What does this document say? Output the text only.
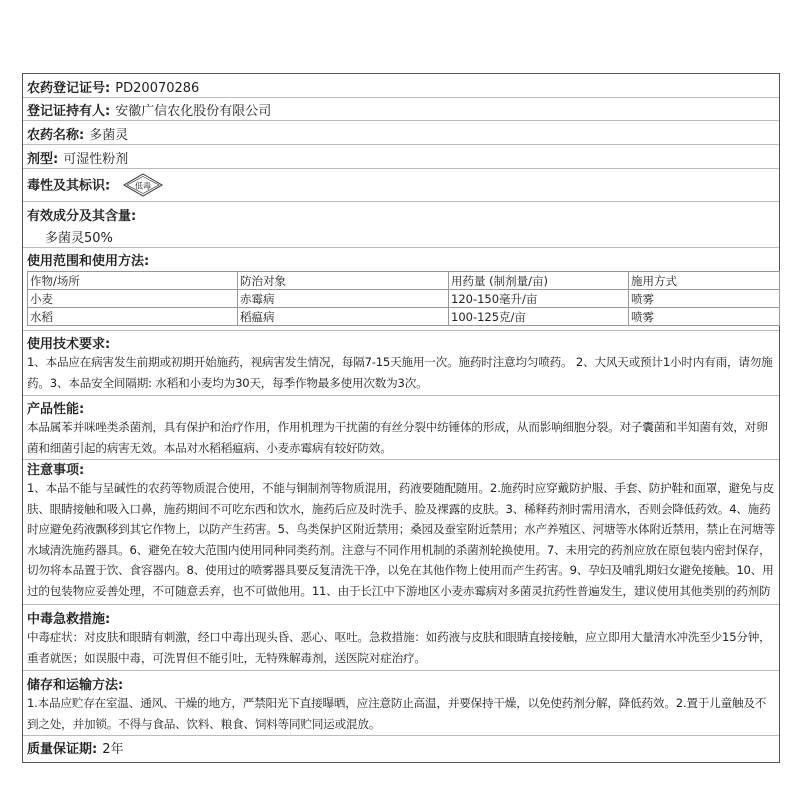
农药登记证号: PD20070286
登记证持有人: 安徽广信农化股份有限公司
农药名称: 多菌灵
剂型: 可湿性粉剂
毒性及其标识:	低毒
有效成分及其含量:
多菌灵50%
使用范围和使用方法:
作物/场所	防治对象	用药量 (制剂量/亩)	施用方式
小麦	赤霉病	120-150毫升/亩	喷雾
水稻	稻瘟病	100-125克/亩	喷雾
使用技术要求:
1、本品应在病害发生前期或初期开始施药，视病害发生情况，每隔7-15天施用一次。施药时注意均匀喷药。 2、大风天或预计1小时内有雨，请勿施药。3、本品安全间隔期: 水稻和小麦均为30天，每季作物最多使用次数为3次。
产品性能:
本品属苯并咪唑类杀菌剂，具有保护和治疗作用，作用机理为干扰菌的有丝分裂中纺锤体的形成，从而影响细胞分裂。对子囊菌和半知菌有效，对卵菌和细菌引起的病害无效。本品对水稻稻瘟病、小麦赤霉病有较好防效。
注意事项:
1、本品不能与呈碱性的农药等物质混合使用，不能与铜制剂等物质混用，药液要随配随用。2.施药时应穿戴防护服、手套、防护鞋和面罩，避免与皮肤、眼睛接触和吸入口鼻，施药期间不可吃东西和饮水，施药后应及时洗手、脸及裸露的皮肤。3、稀释药剂时需用清水，否则会降低药效。4、施药时应避免药液飘移到其它作物上，以防产生药害。5、鸟类保护区附近禁用；桑园及蚕室附近禁用；水产养殖区、河塘等水体附近禁用，禁止在河塘等水域清洗施药器具。6、避免在较大范围内使用同种同类药剂。注意与不同作用机制的杀菌剂轮换使用。7、未用完的药剂应放在原包装内密封保存，切勿将本品置于饮、食容器内。8、使用过的喷雾器具要反复清洗干净，以免在其他作物上使用而产生药害。9、孕妇及哺乳期妇女避免接触。10、用过的包装物应妥善处理，不可随意丢弃，也不可做他用。11、由于长江中下游地区小麦赤霉病对多菌灵抗药性普遍发生，建议使用其他类别的药剂防
中毒急救措施:
中毒症状：对皮肤和眼睛有刺激，经口中毒出现头昏、恶心、呕吐。急救措施：如药液与皮肤和眼睛直接接触，应立即用大量清水冲洗至少15分钟，重者就医；如误服中毒，可洗胃但不能引吐，无特殊解毒剂，送医院对症治疗。
储存和运输方法:
1.本品应贮存在室温、通风、干燥的地方，严禁阳光下直接曝晒，应注意防止高温，并要保持干燥，以免使药剂分解，降低药效。2.置于儿童触及不到之处，并加锁。不得与食品、饮料、粮食、饲料等同贮同运或混放。
质量保证期: 2年
